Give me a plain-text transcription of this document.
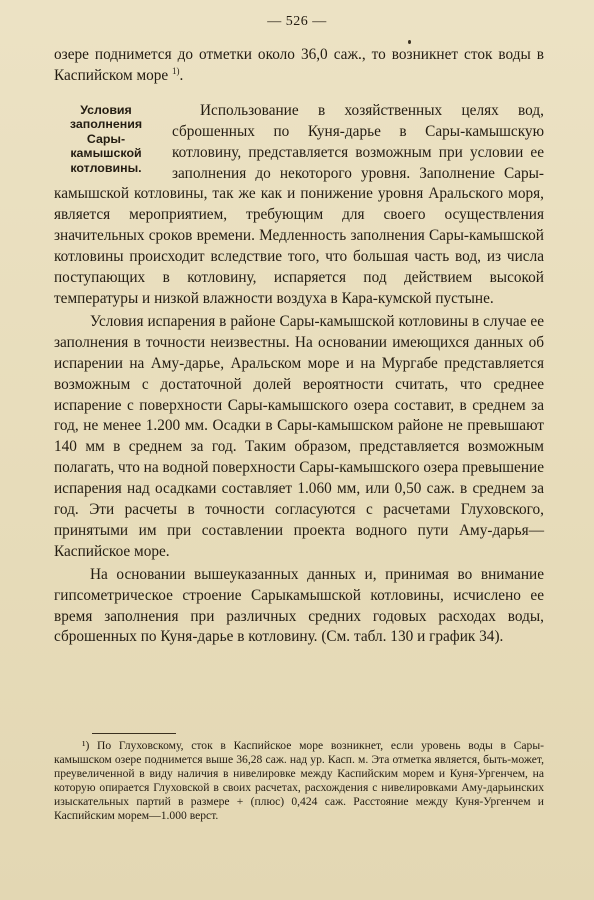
— 526 —

озере поднимется до отметки около 36,0 саж., то возникнет сток воды в Каспийском море $^{1)}$.

Условия заполнения Сары-камышской котловины.

Использование в хозяйственных целях вод, сброшенных по Куня-дарье в Сары-камышскую котловину, представляется возможным при условии ее заполнения до некоторого уровня. Заполнение Сары-камышской котловины, так же как и понижение уровня Аральского моря, является мероприятием, требующим для своего осуществления значительных сроков времени. Медленность заполнения Сары-камышской котловины происходит вследствие того, что большая часть вод, из числа поступающих в котловину, испаряется под действием высокой температуры и низкой влажности воздуха в Кара-кумской пустыне.

Условия испарения в районе Сары-камышской котловины в случае ее заполнения в точности неизвестны. На основании имеющихся данных об испарении на Аму-дарье, Аральском море и на Мургабе представляется возможным с достаточной долей вероятности считать, что среднее испарение с поверхности Сары-камышского озера составит, в среднем за год, не менее 1.200 мм. Осадки в Сары-камышском районе не превышают 140 мм в среднем за год. Таким образом, представляется возможным полагать, что на водной поверхности Сары-камышского озера превышение испарения над осадками составляет 1.060 мм, или 0,50 саж. в среднем за год. Эти расчеты в точности согласуются с расчетами Глуховского, принятыми им при составлении проекта водного пути Аму-дарья—Каспийское море.

На основании вышеуказанных данных и, принимая во внимание гипсометрическое строение Сарыкамышской котловины, исчислено ее время заполнения при различных средних годовых расходах воды, сброшенных по Куня-дарье в котловину. (См. табл. 130 и график 34).

¹) По Глуховскому, сток в Каспийское море возникнет, если уровень воды в Сары-камышском озере поднимется выше 36,28 саж. над ур. Касп. м. Эта отметка является, быть-может, преувеличенной в виду наличия в нивелировке между Каспийским морем и Куня-Ургенчем, на которую опирается Глуховской в своих расчетах, расхождения с нивелировками Аму-дарьинских изыскательных партий в размере + (плюс) 0,424 саж. Расстояние между Куня-Ургенчем и Каспийским морем—1.000 верст.
